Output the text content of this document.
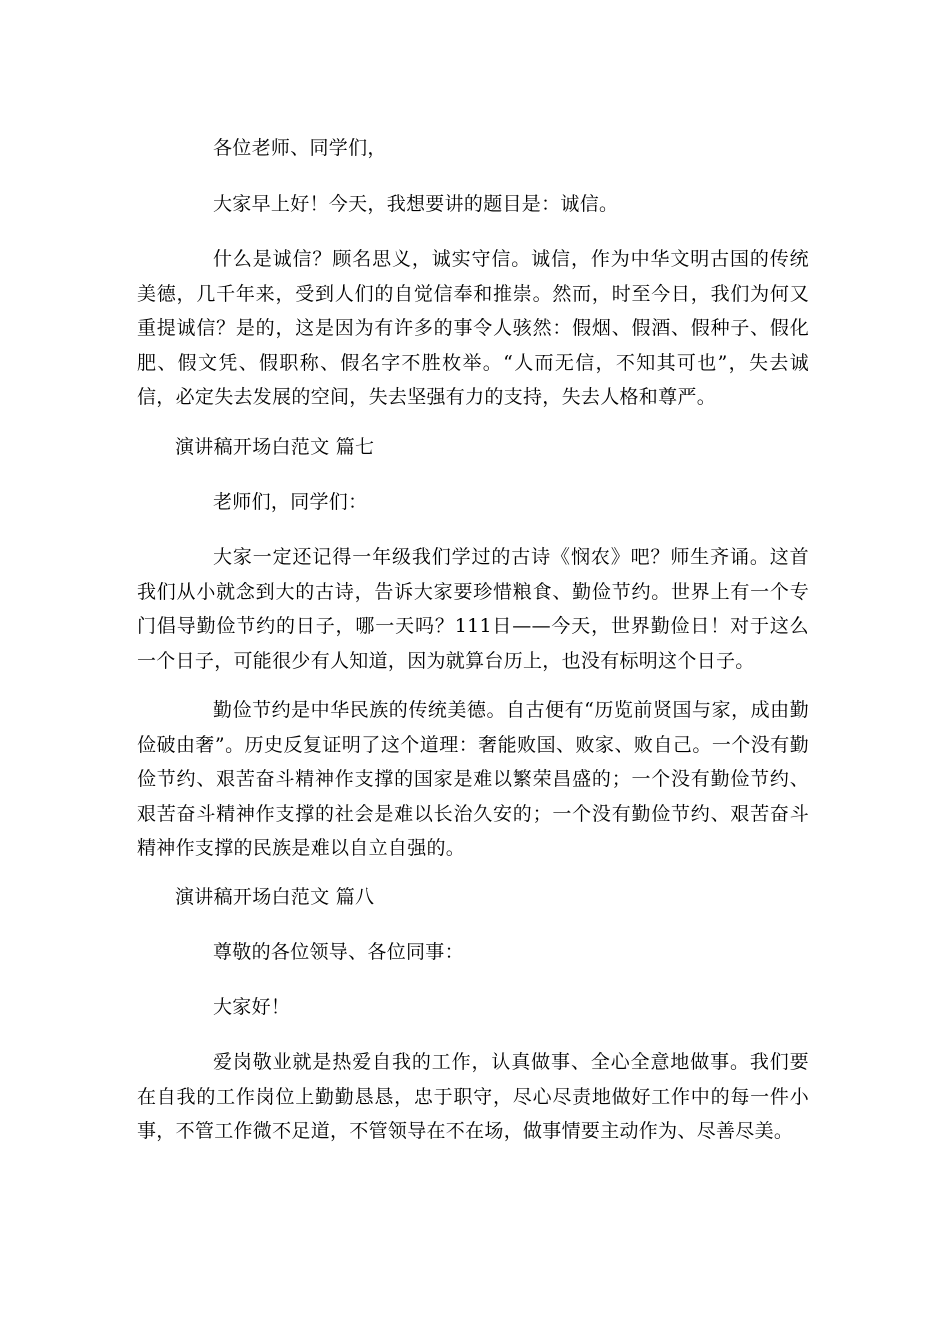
各位老师、同学们，

大家早上好！今天，我想要讲的题目是：诚信。

什么是诚信？顾名思义，诚实守信。诚信，作为中华文明古国的传统美德，几千年来，受到人们的自觉信奉和推崇。然而，时至今日，我们为何又重提诚信？是的，这是因为有许多的事令人骇然：假烟、假酒、假种子、假化肥、假文凭、假职称、假名字不胜枚举。“人而无信，不知其可也”，失去诚信，必定失去发展的空间，失去坚强有力的支持，失去人格和尊严。

演讲稿开场白范文 篇七

老师们，同学们：

大家一定还记得一年级我们学过的古诗《悯农》吧？师生齐诵。这首我们从小就念到大的古诗，告诉大家要珍惜粮食、勤俭节约。世界上有一个专门倡导勤俭节约的日子，哪一天吗？111日——今天，世界勤俭日！对于这么一个日子，可能很少有人知道，因为就算台历上，也没有标明这个日子。

勤俭节约是中华民族的传统美德。自古便有“历览前贤国与家，成由勤俭破由奢”。历史反复证明了这个道理：奢能败国、败家、败自己。一个没有勤俭节约、艰苦奋斗精神作支撑的国家是难以繁荣昌盛的；一个没有勤俭节约、艰苦奋斗精神作支撑的社会是难以长治久安的；一个没有勤俭节约、艰苦奋斗精神作支撑的民族是难以自立自强的。

演讲稿开场白范文 篇八

尊敬的各位领导、各位同事：

大家好！

爱岗敬业就是热爱自我的工作，认真做事、全心全意地做事。我们要在自我的工作岗位上勤勤恳恳，忠于职守，尽心尽责地做好工作中的每一件小事，不管工作微不足道，不管领导在不在场，做事情要主动作为、尽善尽美。
